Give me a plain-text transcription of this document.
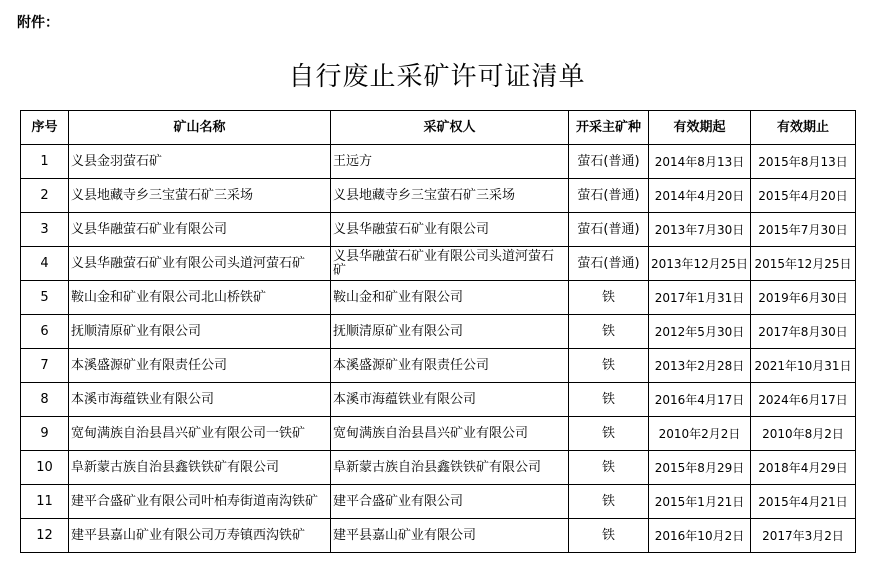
附件：
自行废止采矿许可证清单
序号	矿山名称	采矿权人	开采主矿种	有效期起	有效期止
1	义县金羽萤石矿	王远方	萤石(普通)	2014年8月13日	2015年8月13日
2	义县地藏寺乡三宝萤石矿三采场	义县地藏寺乡三宝萤石矿三采场	萤石(普通)	2014年4月20日	2015年4月20日
3	义县华融萤石矿业有限公司	义县华融萤石矿业有限公司	萤石(普通)	2013年7月30日	2015年7月30日
4	义县华融萤石矿业有限公司头道河萤石矿	义县华融萤石矿业有限公司头道河萤石矿	萤石(普通)	2013年12月25日	2015年12月25日
5	鞍山金和矿业有限公司北山桥铁矿	鞍山金和矿业有限公司	铁	2017年1月31日	2019年6月30日
6	抚顺清原矿业有限公司	抚顺清原矿业有限公司	铁	2012年5月30日	2017年8月30日
7	本溪盛源矿业有限责任公司	本溪盛源矿业有限责任公司	铁	2013年2月28日	2021年10月31日
8	本溪市海蕴铁业有限公司	本溪市海蕴铁业有限公司	铁	2016年4月17日	2024年6月17日
9	宽甸满族自治县昌兴矿业有限公司一铁矿	宽甸满族自治县昌兴矿业有限公司	铁	2010年2月2日	2010年8月2日
10	阜新蒙古族自治县鑫铁铁矿有限公司	阜新蒙古族自治县鑫铁铁矿有限公司	铁	2015年8月29日	2018年4月29日
11	建平合盛矿业有限公司叶柏寿街道南沟铁矿	建平合盛矿业有限公司	铁	2015年1月21日	2015年4月21日
12	建平县嘉山矿业有限公司万寿镇西沟铁矿	建平县嘉山矿业有限公司	铁	2016年10月2日	2017年3月2日
